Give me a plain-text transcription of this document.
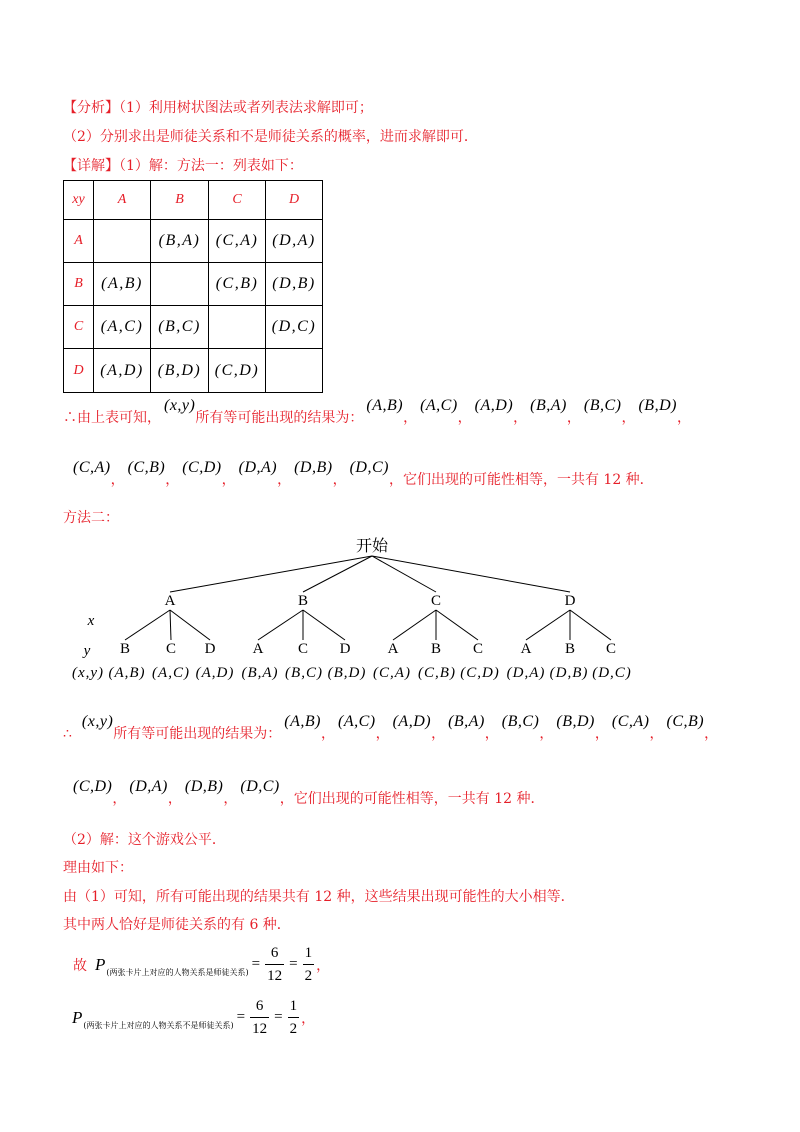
【分析】（1）利用树状图法或者列表法求解即可；
（2）分别求出是师徒关系和不是师徒关系的概率，进而求解即可．
【详解】（1）解：方法一：列表如下：
xy	A	B	C	D
A		(B,A)	(C,A)	(D,A)
B	(A,B)		(C,B)	(D,B)
C	(A,C)	(B,C)		(D,C)
D	(A,D)	(B,D)	(C,D)	
∴由上表可知，
(x,y)
所有等可能出现的结果为：
(A,B)
，
(A,C)
，
(A,D)
，
(B,A)
，
(B,C)
，
(B,D)
，
(C,A)
，
(C,B)
，
(C,D)
，
(D,A)
，
(D,B)
，
(D,C)
， 它们出现的可能性相等，一共有 12 种．
方法二：
开始
A	B	C	D
x
y B C D A C D A B C	A B C
(x,y) (A,B) (A,C) (A,D) (B,A) (B,C) (B,D) (C,A) (C,B) (C,D) (D,A) (D,B) (D,C)
∴
(x,y)
所有等可能出现的结果为：
(A,B)
，
(A,C)
，
(A,D)
，
(B,A)
，
(B,C)
，
(B,D)
，
(C,A)
，
(C,B)
，
(C,D)
，
(D,A)
，
(D,B)
，
(D,C)
， 它们出现的可能性相等，一共有 12 种．
（2）解：这个游戏公平．
理由如下：
由（1）可知，所有可能出现的结果共有 12 种，这些结果出现可能性的大小相等．
其中两人恰好是师徒关系的有 6 种．
故 P (两张卡片上对应的人物关系是师徒关系)
= $\frac{6}{12} = \frac{1}{2}$ ，
P (两张卡片上对应的人物关系不是师徒关系)
= $\frac{6}{12} = \frac{1}{2}$ ，
